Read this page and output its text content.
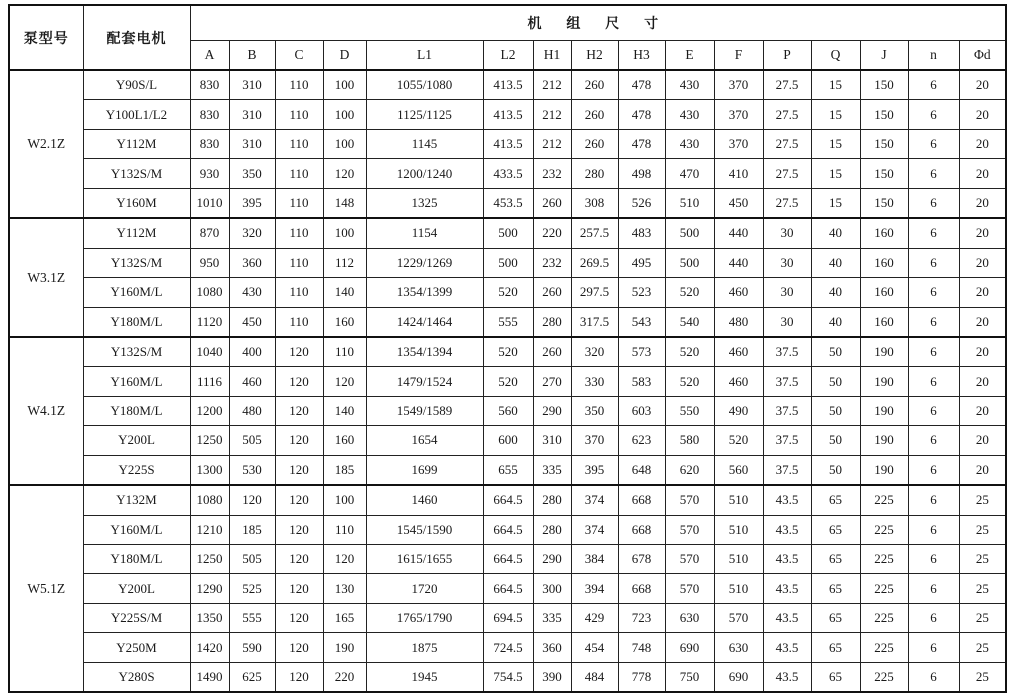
泵型号	配套电机	机 组 尺 寸															
		A	B	C	D	L1	L2	H1	H2	H3	E	F	P	Q	J	n	Φd
W2.1Z	Y90S/L	830	310	110	100	1055/1080	413.5	212	260	478	430	370	27.5	15	150	6	20
	Y100L1/L2	830	310	110	100	1125/1125	413.5	212	260	478	430	370	27.5	15	150	6	20
	Y112M	830	310	110	100	1145	413.5	212	260	478	430	370	27.5	15	150	6	20
	Y132S/M	930	350	110	120	1200/1240	433.5	232	280	498	470	410	27.5	15	150	6	20
	Y160M	1010	395	110	148	1325	453.5	260	308	526	510	450	27.5	15	150	6	20
W3.1Z	Y112M	870	320	110	100	1154	500	220	257.5	483	500	440	30	40	160	6	20
	Y132S/M	950	360	110	112	1229/1269	500	232	269.5	495	500	440	30	40	160	6	20
	Y160M/L	1080	430	110	140	1354/1399	520	260	297.5	523	520	460	30	40	160	6	20
	Y180M/L	1120	450	110	160	1424/1464	555	280	317.5	543	540	480	30	40	160	6	20
W4.1Z	Y132S/M	1040	400	120	110	1354/1394	520	260	320	573	520	460	37.5	50	190	6	20
	Y160M/L	1116	460	120	120	1479/1524	520	270	330	583	520	460	37.5	50	190	6	20
	Y180M/L	1200	480	120	140	1549/1589	560	290	350	603	550	490	37.5	50	190	6	20
	Y200L	1250	505	120	160	1654	600	310	370	623	580	520	37.5	50	190	6	20
	Y225S	1300	530	120	185	1699	655	335	395	648	620	560	37.5	50	190	6	20
W5.1Z	Y132M	1080	120	120	100	1460	664.5	280	374	668	570	510	43.5	65	225	6	25
	Y160M/L	1210	185	120	110	1545/1590	664.5	280	374	668	570	510	43.5	65	225	6	25
	Y180M/L	1250	505	120	120	1615/1655	664.5	290	384	678	570	510	43.5	65	225	6	25
	Y200L	1290	525	120	130	1720	664.5	300	394	668	570	510	43.5	65	225	6	25
	Y225S/M	1350	555	120	165	1765/1790	694.5	335	429	723	630	570	43.5	65	225	6	25
	Y250M	1420	590	120	190	1875	724.5	360	454	748	690	630	43.5	65	225	6	25
	Y280S	1490	625	120	220	1945	754.5	390	484	778	750	690	43.5	65	225	6	25
